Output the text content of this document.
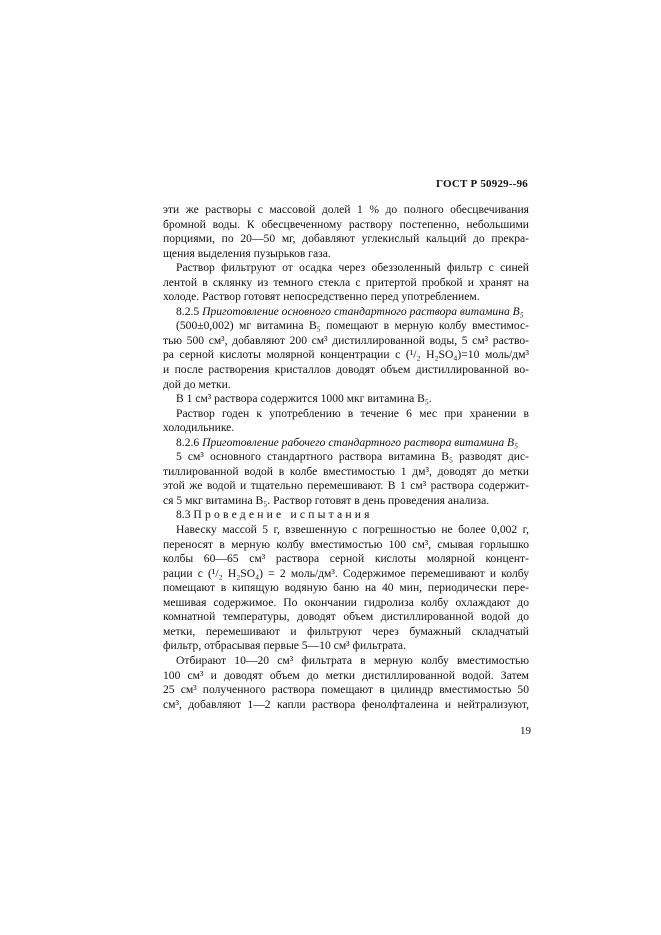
ГОСТ Р 50929--96
эти же растворы с массовой долей 1 % до полного обесцвечивания
бромной воды. К обесцвеченному раствору постепенно, небольшими
порциями, по 20—50 мг, добавляют углекислый кальций до прекра-
щения выделения пузырьков газа.
Раствор фильтруют от осадка через обеззоленный фильтр с синей
лентой в склянку из темного стекла с притертой пробкой и хранят на
холоде. Раствор готовят непосредственно перед употреблением.
8.2.5 Приготовление основного стандартного раствора витамина B₅
(500±0,002) мг витамина B₅ помещают в мерную колбу вместимос-
тью 500 см³, добавляют 200 см³ дистиллированной воды, 5 см³ раство-
ра серной кислоты молярной концентрации c (¹/₂ H₂SO₄)=10 моль/дм³
и после растворения кристаллов доводят объем дистиллированной во-
дой до метки.
В 1 см³ раствора содержится 1000 мкг витамина B₅.
Раствор годен к употреблению в течение 6 мес при хранении в
холодильнике.
8.2.6 Приготовление рабочего стандартного раствора витамина B₅
5 см³ основного стандартного раствора витамина B₅ разводят дис-
тиллированной водой в колбе вместимостью 1 дм³, доводят до метки
этой же водой и тщательно перемешивают. В 1 см³ раствора содержит-
ся 5 мкг витамина B₅. Раствор готовят в день проведения анализа.
8.3 Проведение испытания
Навеску массой 5 г, взвешенную с погрешностью не более 0,002 г,
переносят в мерную колбу вместимостью 100 см³, смывая горлышко
колбы 60—65 см³ раствора серной кислоты молярной концент-
рации c (¹/₂ H₂SO₄) = 2 моль/дм³. Содержимое перемешивают и колбу
помещают в кипящую водяную баню на 40 мин, периодически пере-
мешивая содержимое. По окончании гидролиза колбу охлаждают до
комнатной температуры, доводят объем дистиллированной водой до
метки, перемешивают и фильтруют через бумажный складчатый
фильтр, отбрасывая первые 5—10 см³ фильтрата.
Отбирают 10—20 см³ фильтрата в мерную колбу вместимостью
100 см³ и доводят объем до метки дистиллированной водой. Затем
25 см³ полученного раствора помещают в цилиндр вместимостью 50
см³, добавляют 1—2 капли раствора фенолфталеина и нейтрализуют,
19
